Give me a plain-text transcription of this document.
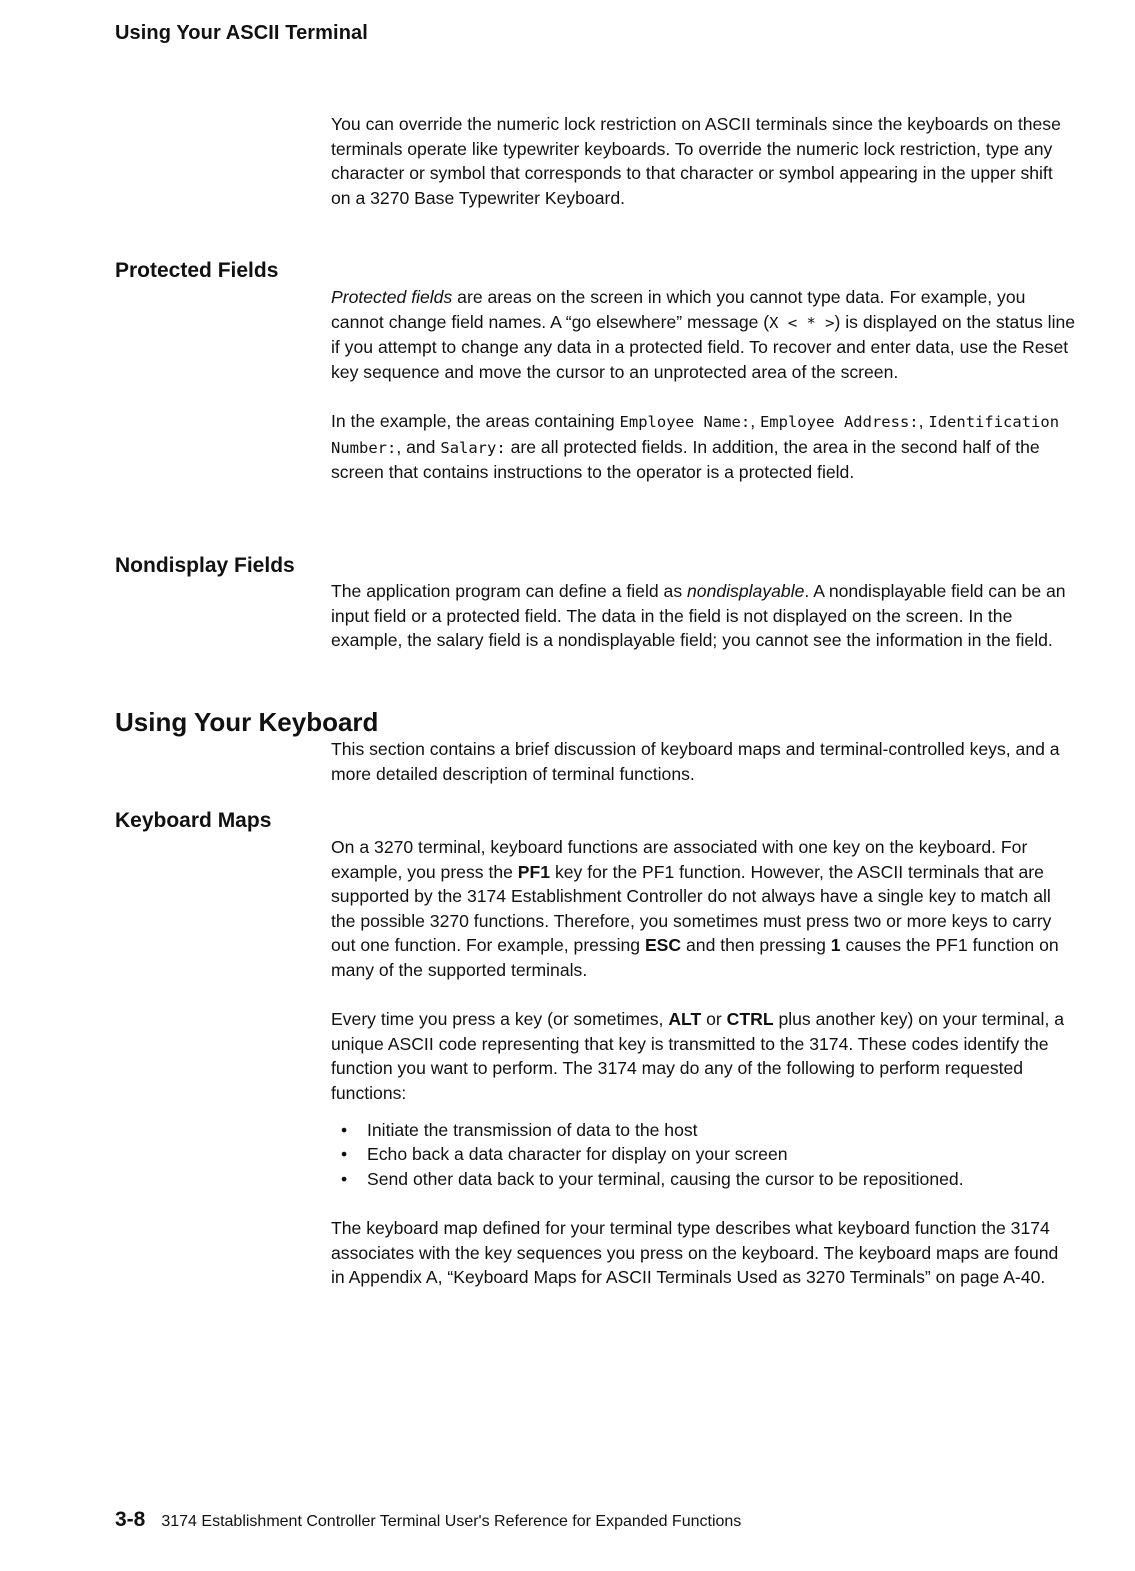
Using Your ASCII Terminal

You can override the numeric lock restriction on ASCII terminals since the keyboards on these terminals operate like typewriter keyboards. To override the numeric lock restriction, type any character or symbol that corresponds to that character or symbol appearing in the upper shift on a 3270 Base Typewriter Keyboard.

Protected Fields

Protected fields are areas on the screen in which you cannot type data. For example, you cannot change field names. A “go elsewhere” message (X < * >) is displayed on the status line if you attempt to change any data in a protected field. To recover and enter data, use the Reset key sequence and move the cursor to an unprotected area of the screen.

In the example, the areas containing Employee Name:, Employee Address:, Identification Number:, and Salary: are all protected fields. In addition, the area in the second half of the screen that contains instructions to the operator is a protected field.

Nondisplay Fields

The application program can define a field as nondisplayable. A nondisplayable field can be an input field or a protected field. The data in the field is not displayed on the screen. In the example, the salary field is a nondisplayable field; you cannot see the information in the field.

Using Your Keyboard

This section contains a brief discussion of keyboard maps and terminal-controlled keys, and a more detailed description of terminal functions.

Keyboard Maps

On a 3270 terminal, keyboard functions are associated with one key on the keyboard. For example, you press the PF1 key for the PF1 function. However, the ASCII terminals that are supported by the 3174 Establishment Controller do not always have a single key to match all the possible 3270 functions. Therefore, you sometimes must press two or more keys to carry out one function. For example, pressing ESC and then pressing 1 causes the PF1 function on many of the supported terminals.

Every time you press a key (or sometimes, ALT or CTRL plus another key) on your terminal, a unique ASCII code representing that key is transmitted to the 3174. These codes identify the function you want to perform. The 3174 may do any of the following to perform requested functions:

• Initiate the transmission of data to the host
• Echo back a data character for display on your screen
• Send other data back to your terminal, causing the cursor to be repositioned.

The keyboard map defined for your terminal type describes what keyboard function the 3174 associates with the key sequences you press on the keyboard. The keyboard maps are found in Appendix A, “Keyboard Maps for ASCII Terminals Used as 3270 Terminals” on page A-40.

3-8 3174 Establishment Controller Terminal User's Reference for Expanded Functions
